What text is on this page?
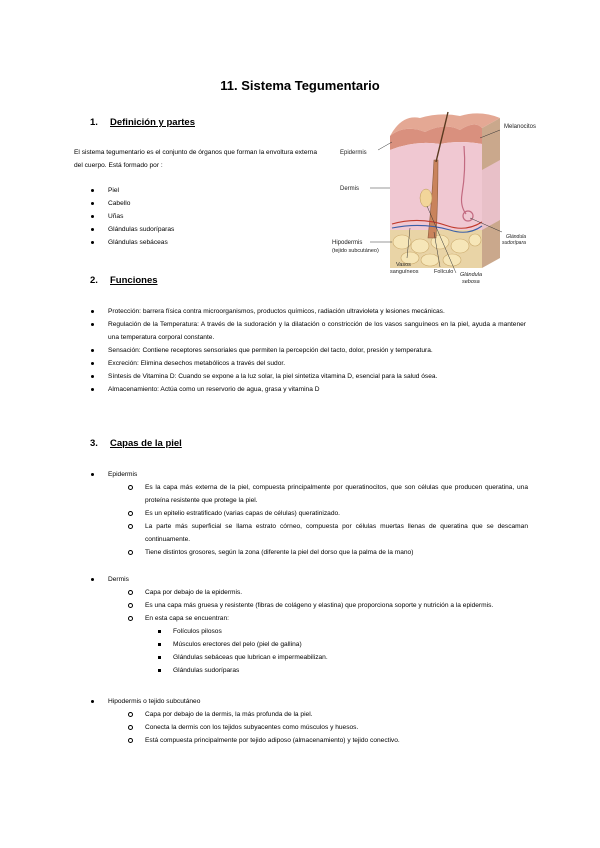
11. Sistema Tegumentario
1. Definición y partes
El sistema tegumentario es el conjunto de órganos que forman la envoltura externa del cuerpo. Está formado por :
Piel
Cabello
Uñas
Glándulas sudoríparas
Glándulas sebáceas
Melanocitos
Epidermis
Dermis
Hipodermis
(tejido subcutáneo)
Vasos
sanguíneos	Folículo Glándula
sebosa
Glándula
sudorípara
2. Funciones
Protección: barrera física contra microorganismos, productos químicos, radiación ultravioleta y lesiones mecánicas.
Regulación de la Temperatura: A través de la sudoración y la dilatación o constricción de los vasos sanguíneos en la piel, ayuda a mantener una temperatura corporal constante.
Sensación: Contiene receptores sensoriales que permiten la percepción del tacto, dolor, presión y temperatura.
Excreción: Elimina desechos metabólicos a través del sudor.
Síntesis de Vitamina D: Cuando se expone a la luz solar, la piel sintetiza vitamina D, esencial para la salud ósea.
Almacenamiento: Actúa como un reservorio de agua, grasa y vitamina D
3. Capas de la piel
Epidermis
Es la capa más externa de la piel, compuesta principalmente por queratinocitos, que son células que producen queratina, una proteína resistente que protege la piel.
Es un epitelio estratificado (varias capas de células) queratinizado.
La parte más superficial se llama estrato córneo, compuesta por células muertas llenas de queratina que se descaman continuamente.
Tiene distintos grosores, según la zona (diferente la piel del dorso que la palma de la mano)
Dermis
Capa por debajo de la epidermis.
Es una capa más gruesa y resistente (fibras de colágeno y elastina) que proporciona soporte y nutrición a la epidermis.
En esta capa se encuentran:
Folículos pilosos
Músculos erectores del pelo (piel de gallina)
Glándulas sebáceas que lubrican e impermeabilizan.
Glándulas sudoríparas
Hipodermis o tejido subcutáneo
Capa por debajo de la dermis, la más profunda de la piel.
Conecta la dermis con los tejidos subyacentes como músculos y huesos.
Está compuesta principalmente por tejido adiposo (almacenamiento) y tejido conectivo.
